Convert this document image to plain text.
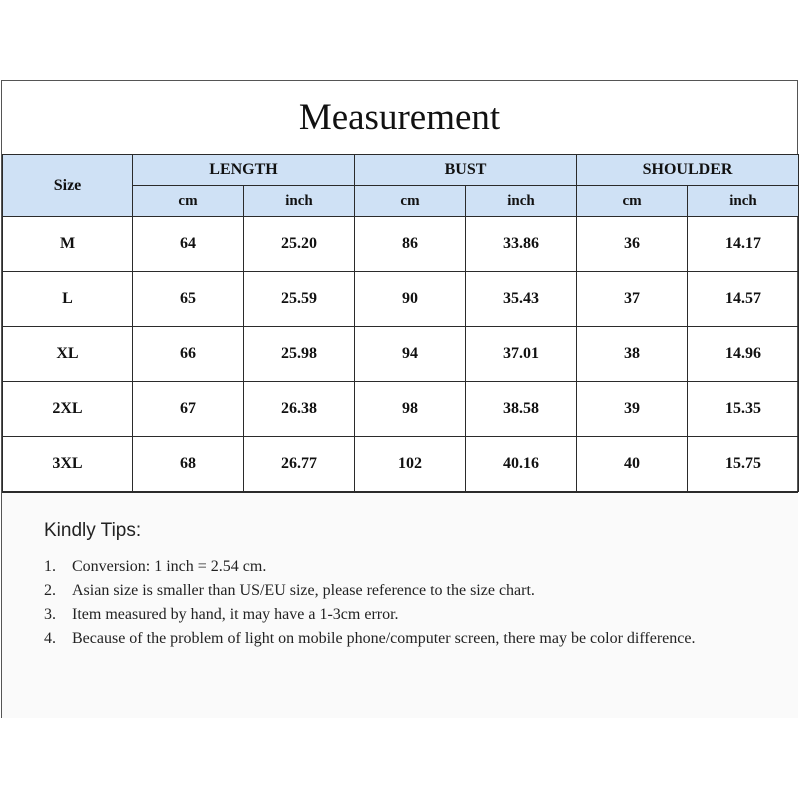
Measurement
Size	LENGTH		BUST		SHOULDER	
	cm	inch	cm	inch	cm	inch
M	64	25.20	86	33.86	36	14.17
L	65	25.59	90	35.43	37	14.57
XL	66	25.98	94	37.01	38	14.96
2XL	67	26.38	98	38.58	39	15.35
3XL	68	26.77	102	40.16	40	15.75
Kindly Tips:
1. Conversion: 1 inch = 2.54 cm.
2. Asian size is smaller than US/EU size, please reference to the size chart.
3. Item measured by hand, it may have a 1-3cm error.
4. Because of the problem of light on mobile phone/computer screen, there may be color difference.
